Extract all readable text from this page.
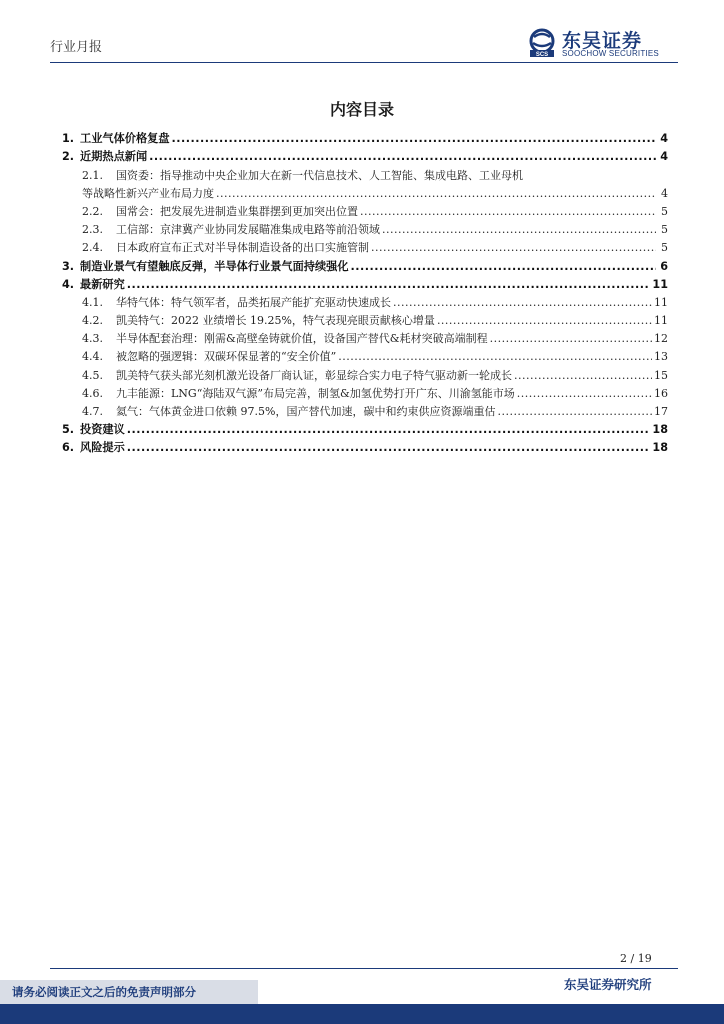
行业月报	SCS
东吴证券
SOOCHOW SECURITIES
内容目录
1. 工业气体价格复盘 .....	4
2. 近期热点新闻 .....	4
2.1.	国资委：指导推动中央企业加大在新一代信息技术、人工智能、集成电路、工业母机
等战略性新兴产业布局力度 .....	4
2.2.	国常会：把发展先进制造业集群摆到更加突出位置 .....	5
2.3.	工信部：京津冀产业协同发展瞄准集成电路等前沿领域 .....	5
2.4.	日本政府宣布正式对半导体制造设备的出口实施管制 .....	5
3. 制造业景气有望触底反弹，半导体行业景气面持续强化 .....	6
4. 最新研究 .....	11
4.1.	华特气体：特气领军者，品类拓展产能扩充驱动快速成长 .....	11
4.2.	凯美特气：2022 业绩增长 19.25%，特气表现亮眼贡献核心增量 .....	11
4.3.	半导体配套治理：刚需&高壁垒铸就价值，设备国产替代&耗材突破高端制程 .....	12
4.4.	被忽略的强逻辑：双碳环保显著的“安全价值” .....	13
4.5.	凯美特气获头部光刻机激光设备厂商认证，彰显综合实力电子特气驱动新一轮成长 .....	15
4.6.	九丰能源：LNG“海陆双气源”布局完善，制氢&加氢优势打开广东、川渝氢能市场 .....	16
4.7.	氦气：气体黄金进口依赖 97.5%，国产替代加速，碳中和约束供应资源端重估 .....	17
5. 投资建议 .....	18
6. 风险提示 .....	18
2 / 19
东吴证券研究所
请务必阅读正文之后的免责声明部分
